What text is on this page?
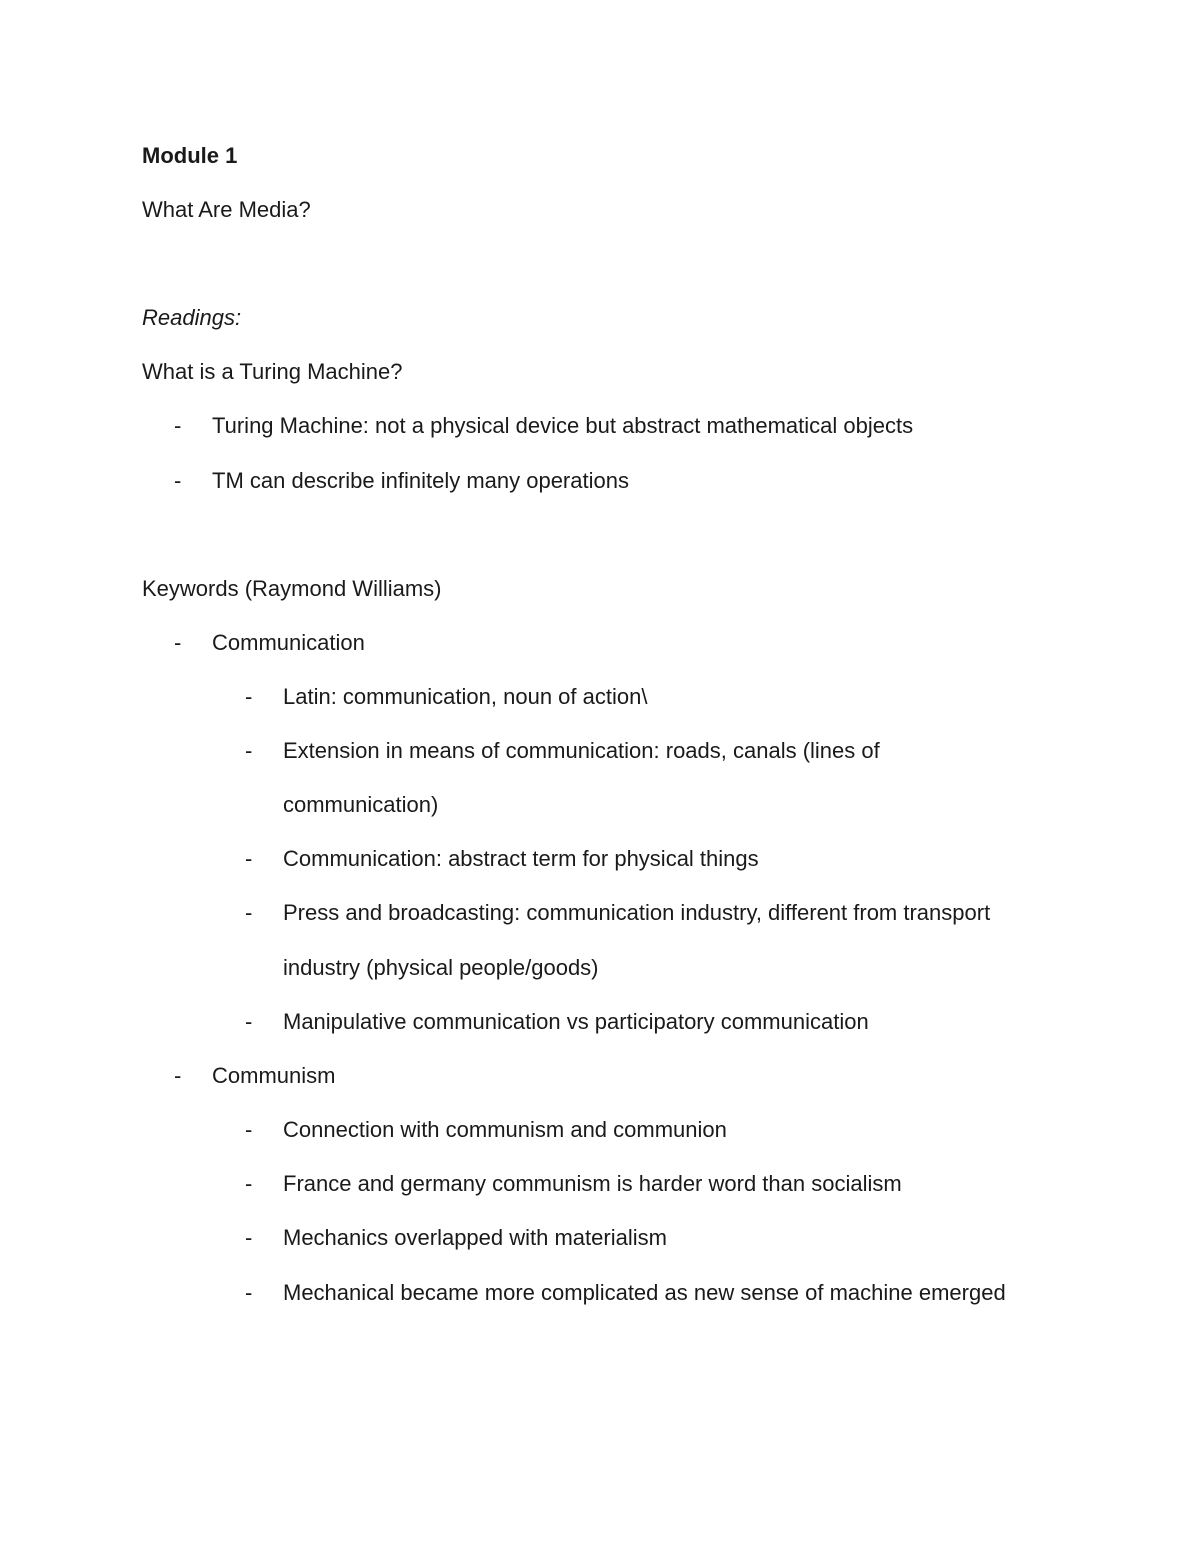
Module 1
What Are Media?
Readings:
What is a Turing Machine?
- Turing Machine: not a physical device but abstract mathematical objects
- TM can describe infinitely many operations
Keywords (Raymond Williams)
- Communication
- Latin: communication, noun of action\
- Extension in means of communication: roads, canals (lines of
communication)
- Communication: abstract term for physical things
- Press and broadcasting: communication industry, different from transport
industry (physical people/goods)
- Manipulative communication vs participatory communication
- Communism
- Connection with communism and communion
- France and germany communism is harder word than socialism
- Mechanics overlapped with materialism
- Mechanical became more complicated as new sense of machine emerged
